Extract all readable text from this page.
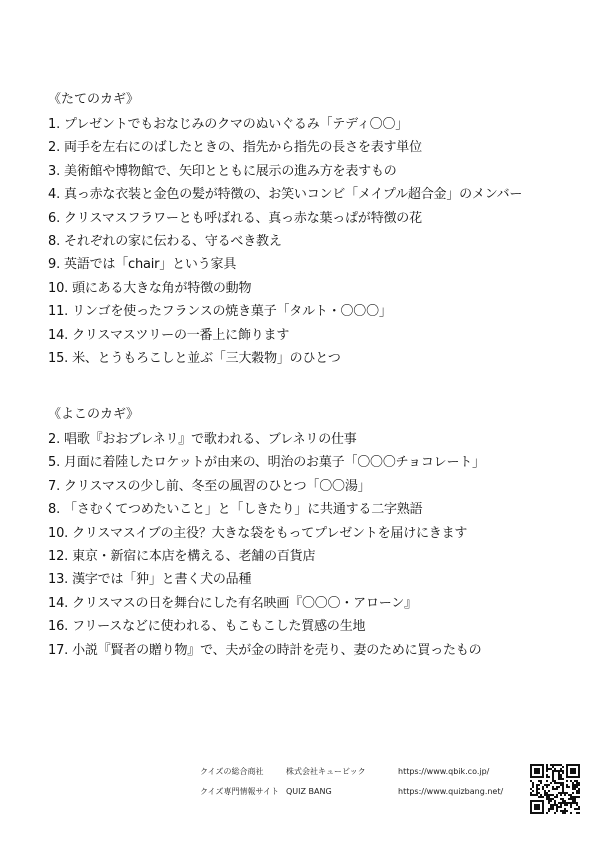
《たてのカギ》
1. プレゼントでもおなじみのクマのぬいぐるみ「テディ〇〇」
2. 両手を左右にのばしたときの、指先から指先の長さを表す単位
3. 美術館や博物館で、矢印とともに展示の進み方を表すもの
4. 真っ赤な衣装と金色の髪が特徴の、お笑いコンビ「メイプル超合金」のメンバー
6. クリスマスフラワーとも呼ばれる、真っ赤な葉っぱが特徴の花
8. それぞれの家に伝わる、守るべき教え
9. 英語では「chair」という家具
10. 頭にある大きな角が特徴の動物
11. リンゴを使ったフランスの焼き菓子「タルト・〇〇〇」
14. クリスマスツリーの一番上に飾ります
15. 米、とうもろこしと並ぶ「三大穀物」のひとつ
《よこのカギ》
2. 唱歌『おおブレネリ』で歌われる、ブレネリの仕事
5. 月面に着陸したロケットが由来の、明治のお菓子「〇〇〇チョコレート」
7. クリスマスの少し前、冬至の風習のひとつ「〇〇湯」
8. 「さむくてつめたいこと」と「しきたり」に共通する二字熟語
10. クリスマスイブの主役？大きな袋をもってプレゼントを届けにきます
12. 東京・新宿に本店を構える、老舗の百貨店
13. 漢字では「狆」と書く犬の品種
14. クリスマスの日を舞台にした有名映画『〇〇〇・アローン』
16. フリースなどに使われる、もこもこした質感の生地
17. 小説『賢者の贈り物』で、夫が金の時計を売り、妻のために買ったもの
クイズの総合商社	株式会社キュービック	https://www.qbik.co.jp/
クイズ専門情報サイト QUIZ BANG	https://www.quizbang.net/
